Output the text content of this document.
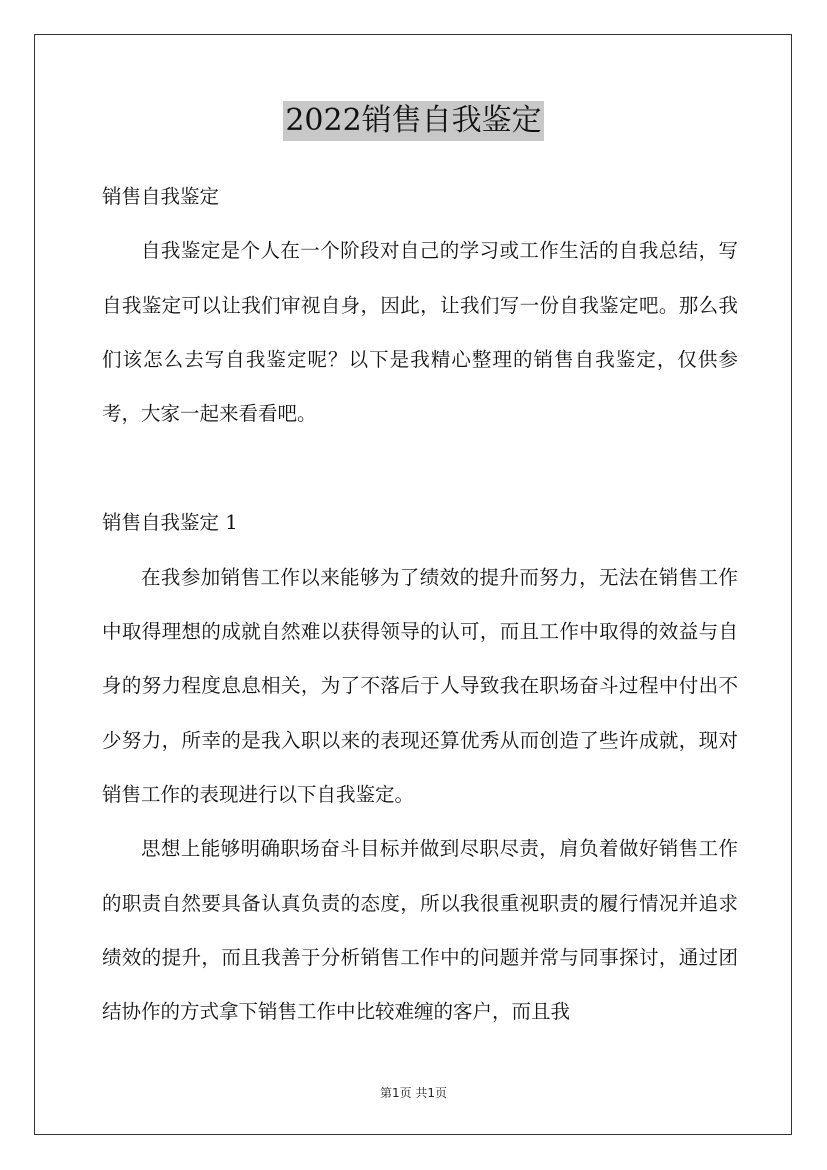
2022销售自我鉴定

销售自我鉴定

自我鉴定是个人在一个阶段对自己的学习或工作生活的自我总结，写自我鉴定可以让我们审视自身，因此，让我们写一份自我鉴定吧。那么我们该怎么去写自我鉴定呢？以下是我精心整理的销售自我鉴定，仅供参考，大家一起来看看吧。

销售自我鉴定 1

在我参加销售工作以来能够为了绩效的提升而努力，无法在销售工作中取得理想的成就自然难以获得领导的认可，而且工作中取得的效益与自身的努力程度息息相关，为了不落后于人导致我在职场奋斗过程中付出不少努力，所幸的是我入职以来的表现还算优秀从而创造了些许成就，现对销售工作的表现进行以下自我鉴定。

思想上能够明确职场奋斗目标并做到尽职尽责，肩负着做好销售工作的职责自然要具备认真负责的态度，所以我很重视职责的履行情况并追求绩效的提升，而且我善于分析销售工作中的问题并常与同事探讨，通过团结协作的方式拿下销售工作中比较难缠的客户，而且我

第1页 共1页
